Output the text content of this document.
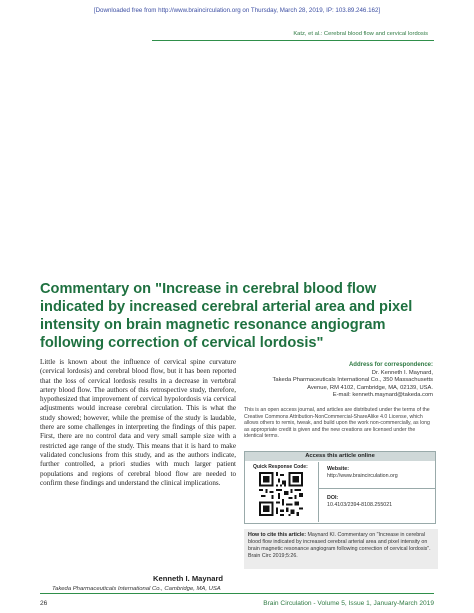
[Downloaded free from http://www.braincirculation.org on Thursday, March 28, 2019, IP: 103.89.246.162]
Katz, et al.: Cerebral blood flow and cervical lordosis
Commentary on "Increase in cerebral blood flow indicated by increased cerebral arterial area and pixel intensity on brain magnetic resonance angiogram following correction of cervical lordosis"
Little is known about the influence of cervical spine curvature (cervical lordosis) and cerebral blood flow, but it has been reported that the loss of cervical lordosis results in a decrease in vertebral artery blood flow. The authors of this retrospective study, therefore, hypothesized that improvement of cervical hypolordosis via cervical adjustments would increase cerebral circulation. This is what the study showed; however, while the premise of the study is laudable, there are some challenges in interpreting the findings of this paper. First, there are no control data and very small sample size with a restricted age range of the study. This means that it is hard to make validated conclusions from this study, and as the authors indicate, further controlled, a priori studies with much larger patient populations and regions of cerebral blood flow are needed to confirm these findings and understand the clinical implications.
Kenneth I. Maynard
Takeda Pharmaceuticals International Co., Cambridge, MA, USA
Address for correspondence:
Dr. Kenneth I. Maynard,
Takeda Pharmaceuticals International Co., 350 Massachusetts
Avenue, RM 4102, Cambridge, MA, 02139, USA.
E-mail: kenneth.maynard@takeda.com
This is an open access journal, and articles are distributed under the terms of the Creative Commons Attribution-NonCommercial-ShareAlike 4.0 License, which allows others to remix, tweak, and build upon the work non-commercially, as long as appropriate credit is given and the new creations are licensed under the identical terms.
Access this article online
Quick Response Code:	Website:
http://www.braincirculation.org
DOI:
10.4103/2394-8108.255021
How to cite this article: Maynard KI. Commentary on "Increase in cerebral blood flow indicated by increased cerebral arterial area and pixel intensity on brain magnetic resonance angiogram following correction of cervical lordosis". Brain Circ 2019;5:26.
26	Brain Circulation - Volume 5, Issue 1, January-March 2019
